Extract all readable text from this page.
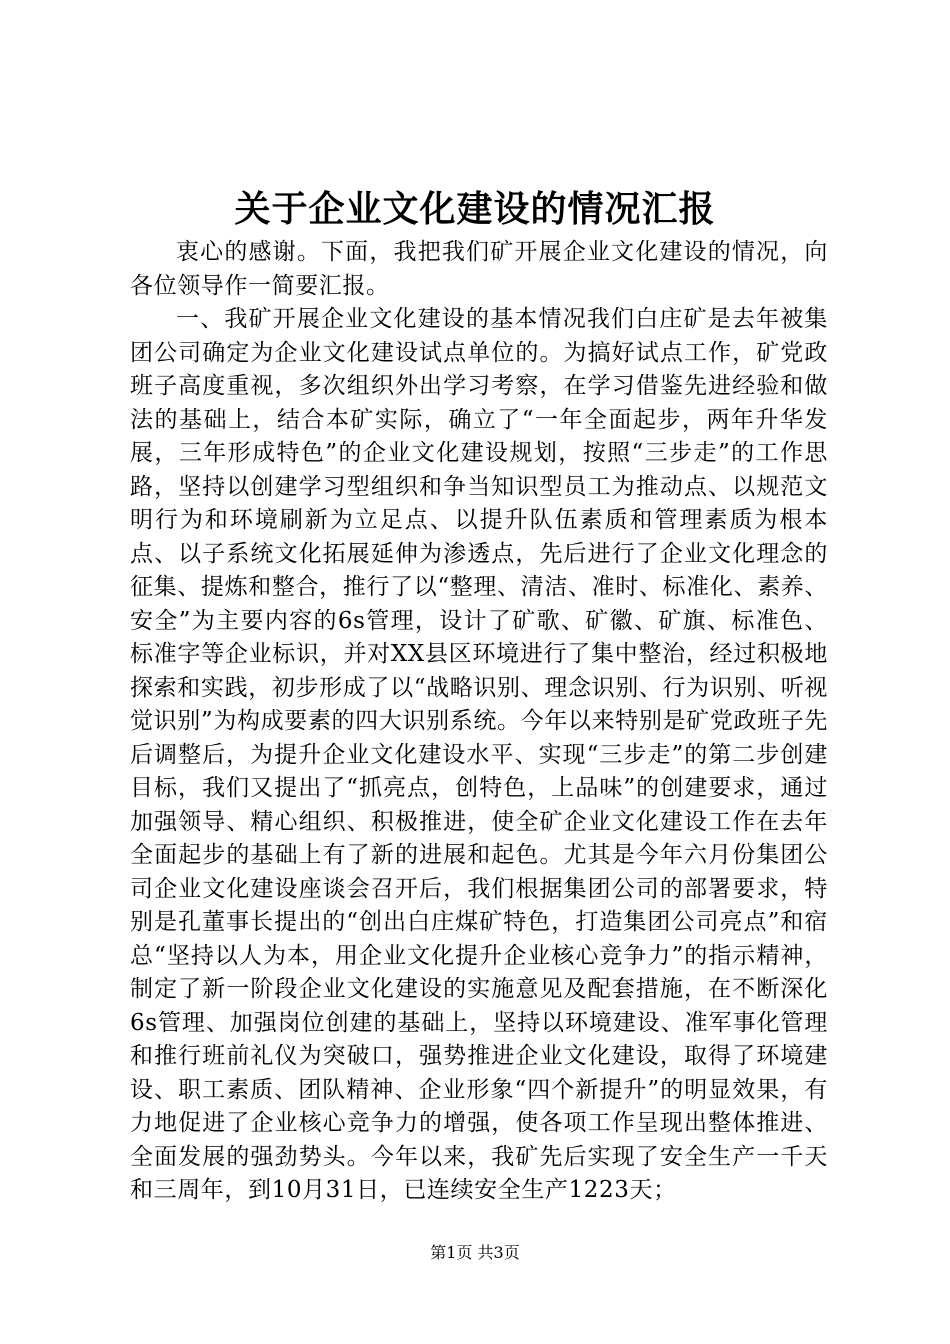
关于企业文化建设的情况汇报

衷心的感谢。下面，我把我们矿开展企业文化建设的情况，向各位领导作一简要汇报。

一、我矿开展企业文化建设的基本情况我们白庄矿是去年被集团公司确定为企业文化建设试点单位的。为搞好试点工作，矿党政班子高度重视，多次组织外出学习考察，在学习借鉴先进经验和做法的基础上，结合本矿实际，确立了“一年全面起步，两年升华发展，三年形成特色”的企业文化建设规划，按照“三步走”的工作思路，坚持以创建学习型组织和争当知识型员工为推动点、以规范文明行为和环境刷新为立足点、以提升队伍素质和管理素质为根本点、以子系统文化拓展延伸为渗透点，先后进行了企业文化理念的征集、提炼和整合，推行了以“整理、清洁、准时、标准化、素养、安全”为主要内容的6s管理，设计了矿歌、矿徽、矿旗、标准色、标准字等企业标识，并对XX县区环境进行了集中整治，经过积极地探索和实践，初步形成了以“战略识别、理念识别、行为识别、听视觉识别”为构成要素的四大识别系统。今年以来特别是矿党政班子先后调整后，为提升企业文化建设水平、实现“三步走”的第二步创建目标，我们又提出了“抓亮点，创特色，上品味”的创建要求，通过加强领导、精心组织、积极推进，使全矿企业文化建设工作在去年全面起步的基础上有了新的进展和起色。尤其是今年六月份集团公司企业文化建设座谈会召开后，我们根据集团公司的部署要求，特别是孔董事长提出的“创出白庄煤矿特色，打造集团公司亮点”和宿总“坚持以人为本，用企业文化提升企业核心竞争力”的指示精神，制定了新一阶段企业文化建设的实施意见及配套措施，在不断深化6s管理、加强岗位创建的基础上，坚持以环境建设、准军事化管理和推行班前礼仪为突破口，强势推进企业文化建设，取得了环境建设、职工素质、团队精神、企业形象“四个新提升”的明显效果，有力地促进了企业核心竞争力的增强，使各项工作呈现出整体推进、全面发展的强劲势头。今年以来，我矿先后实现了安全生产一千天和三周年，到10月31日，已连续安全生产1223天；

第1页 共3页
